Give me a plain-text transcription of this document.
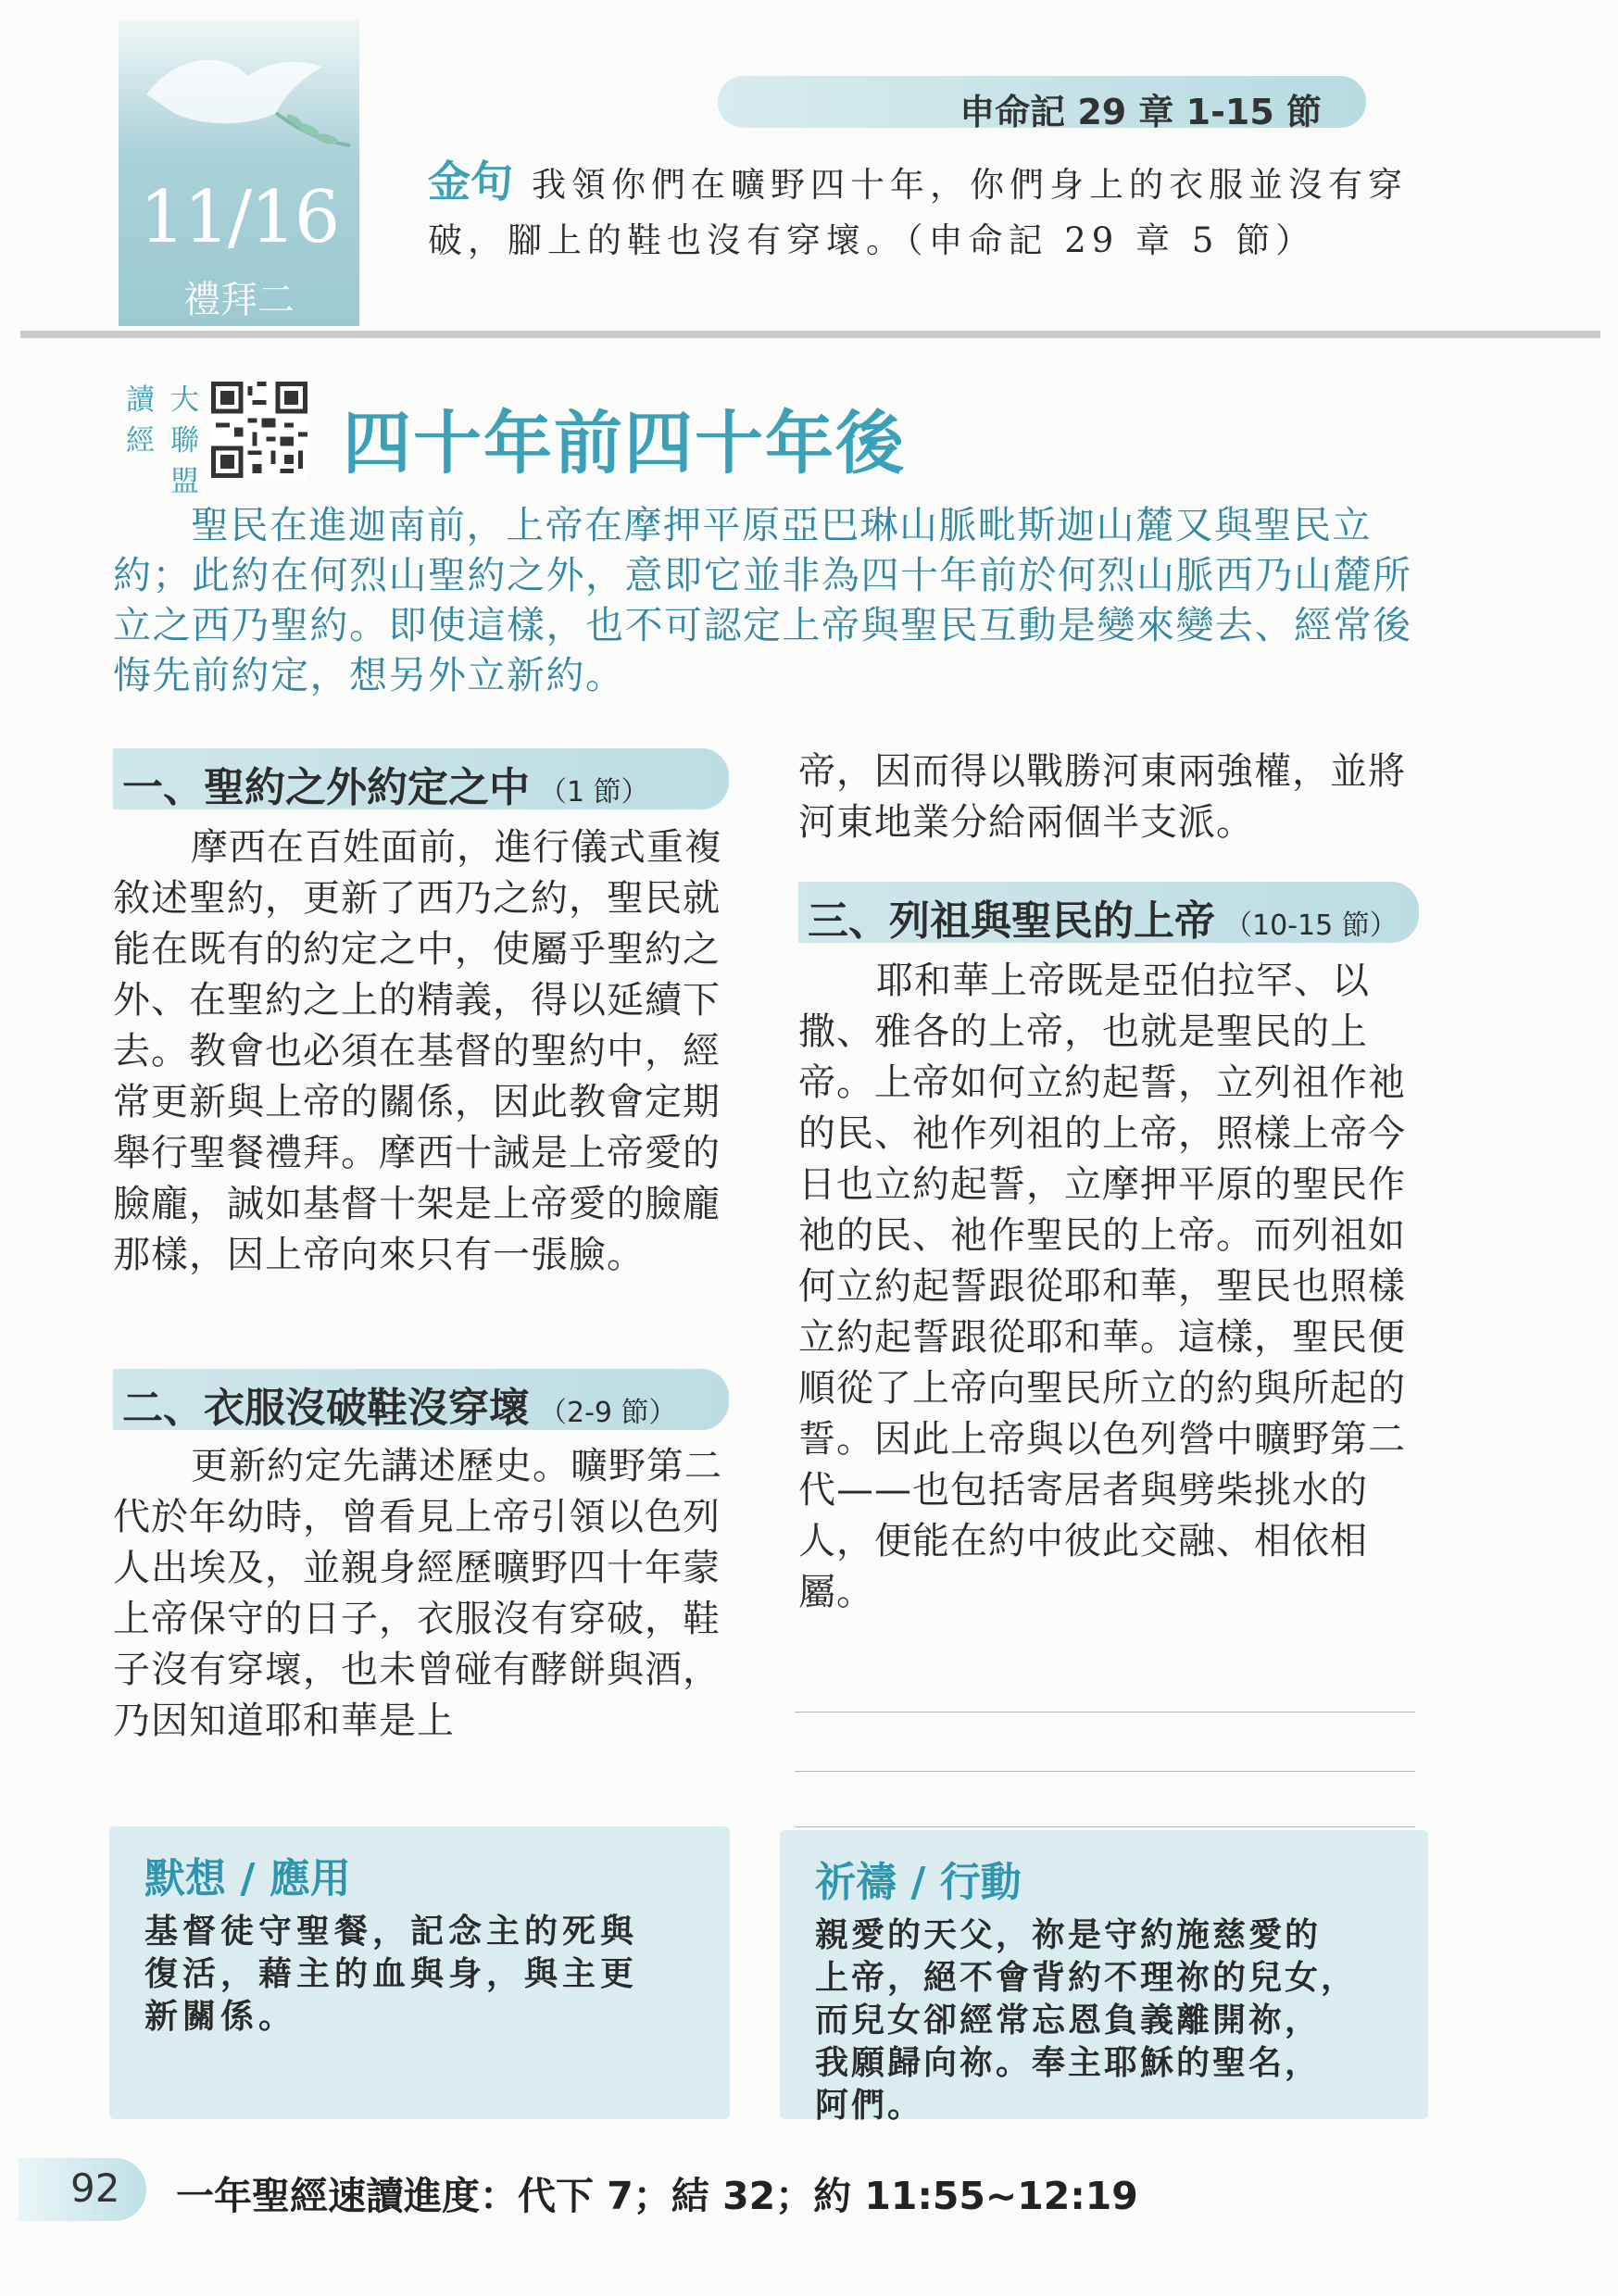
11/16
禮拜二
申命記 29 章 1-15 節
金句 我領你們在曠野四十年，你們身上的衣服並沒有穿破，腳上的鞋也沒有穿壞。（申命記 29 章 5 節）
讀經
大聯盟 四十年前四十年後

聖民在進迦南前，上帝在摩押平原亞巴琳山脈毗斯迦山麓又與聖民立約；此約在何烈山聖約之外，意即它並非為四十年前於何烈山脈西乃山麓所立之西乃聖約。即使這樣，也不可認定上帝與聖民互動是變來變去、經常後悔先前約定，想另外立新約。

一、聖約之外約定之中 （1 節）

摩西在百姓面前，進行儀式重複敘述聖約，更新了西乃之約，聖民就能在既有的約定之中，使屬乎聖約之外、在聖約之上的精義，得以延續下去。教會也必須在基督的聖約中，經常更新與上帝的關係，因此教會定期舉行聖餐禮拜。摩西十誡是上帝愛的臉龐，誠如基督十架是上帝愛的臉龐那樣，因上帝向來只有一張臉。

二、衣服沒破鞋沒穿壞 （2-9 節）

更新約定先講述歷史。曠野第二代於年幼時，曾看見上帝引領以色列人出埃及，並親身經歷曠野四十年蒙上帝保守的日子，衣服沒有穿破，鞋子沒有穿壞，也未曾碰有酵餅與酒，乃因知道耶和華是上

帝，因而得以戰勝河東兩強權，並將河東地業分給兩個半支派。

三、列祖與聖民的上帝 （10-15 節）

耶和華上帝既是亞伯拉罕、以撒、雅各的上帝，也就是聖民的上帝。上帝如何立約起誓，立列祖作祂的民、祂作列祖的上帝，照樣上帝今日也立約起誓，立摩押平原的聖民作祂的民、祂作聖民的上帝。而列祖如何立約起誓跟從耶和華，聖民也照樣立約起誓跟從耶和華。這樣，聖民便順從了上帝向聖民所立的約與所起的誓。因此上帝與以色列營中曠野第二代——也包括寄居者與劈柴挑水的人，便能在約中彼此交融、相依相屬。

默想 / 應用
基督徒守聖餐，記念主的死與
復活，藉主的血與身，與主更
新關係。
祈禱 / 行動
親愛的天父，祢是守約施慈愛的
上帝，絕不會背約不理祢的兒女，
而兒女卻經常忘恩負義離開祢，
我願歸向祢。奉主耶穌的聖名，
阿們。
92 一年聖經速讀進度：代下 7；結 32；約 11:55~12:19
